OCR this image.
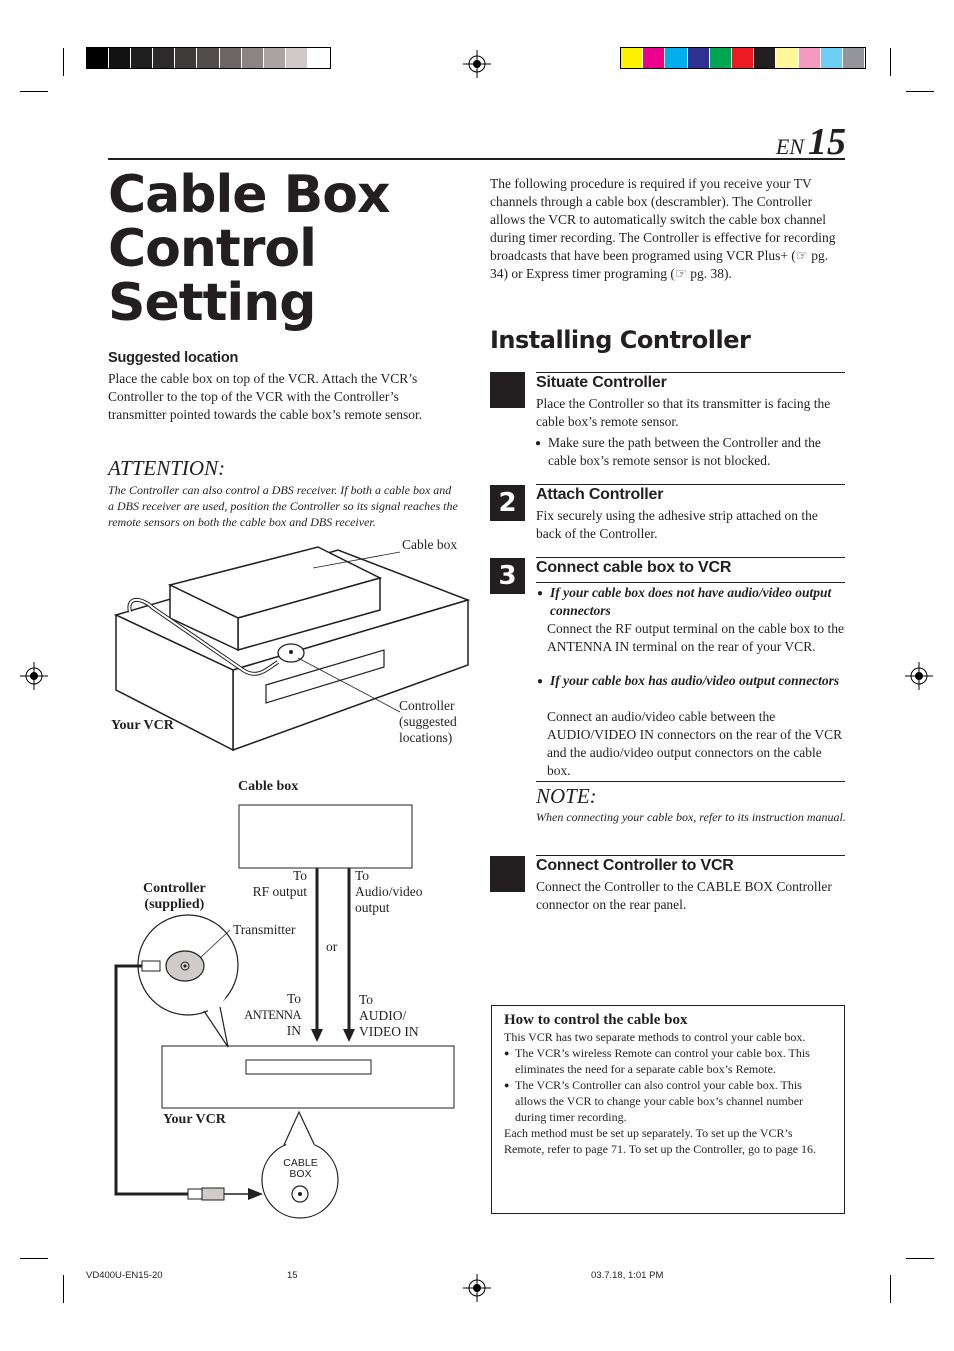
EN 15
Cable Box
Control
Setting
The following procedure is required if you receive your TV channels through a cable box (descrambler). The Controller allows the VCR to automatically switch the cable box channel during timer recording. The Controller is effective for recording broadcasts that have been programed using VCR Plus+ (☞ pg. 34) or Express timer programing (☞ pg. 38).
Suggested location
Place the cable box on top of the VCR. Attach the VCR’s Controller to the top of the VCR with the Controller’s transmitter pointed towards the cable box’s remote sensor.
ATTENTION:
The Controller can also control a DBS receiver. If both a cable box and a DBS receiver are used, position the Controller so its signal reaches the remote sensors on both the cable box and DBS receiver.
Cable box
Your VCR
Controller
(suggested
locations)
Cable box
Controller
(supplied)
Transmitter
To
RF output
To
Audio/video
output
or
To
ANTENNA
IN
To
AUDIO/
VIDEO IN
Your VCR
CABLE
BOX
Installing Controller
Situate Controller
Place the Controller so that its transmitter is facing the cable box’s remote sensor.
● Make sure the path between the Controller and the cable box’s remote sensor is not blocked.
2	Attach Controller
Fix securely using the adhesive strip attached on the back of the Controller.
3	Connect cable box to VCR
● If your cable box does not have audio/video output connectors
Connect the RF output terminal on the cable box to the ANTENNA IN terminal on the rear of your VCR.
● If your cable box has audio/video output connectors
Connect an audio/video cable between the AUDIO/VIDEO IN connectors on the rear of the VCR and the audio/video output connectors on the cable box.
NOTE:
When connecting your cable box, refer to its instruction manual.
Connect Controller to VCR
Connect the Controller to the CABLE BOX Controller connector on the rear panel.
How to control the cable box
This VCR has two separate methods to control your cable box.
● The VCR’s wireless Remote can control your cable box. This eliminates the need for a separate cable box’s Remote.
● The VCR’s Controller can also control your cable box. This allows the VCR to change your cable box’s channel number during timer recording.
Each method must be set up separately. To set up the VCR’s Remote, refer to page 71. To set up the Controller, go to page 16.
VD400U-EN15-20	15	03.7.18, 1:01 PM
